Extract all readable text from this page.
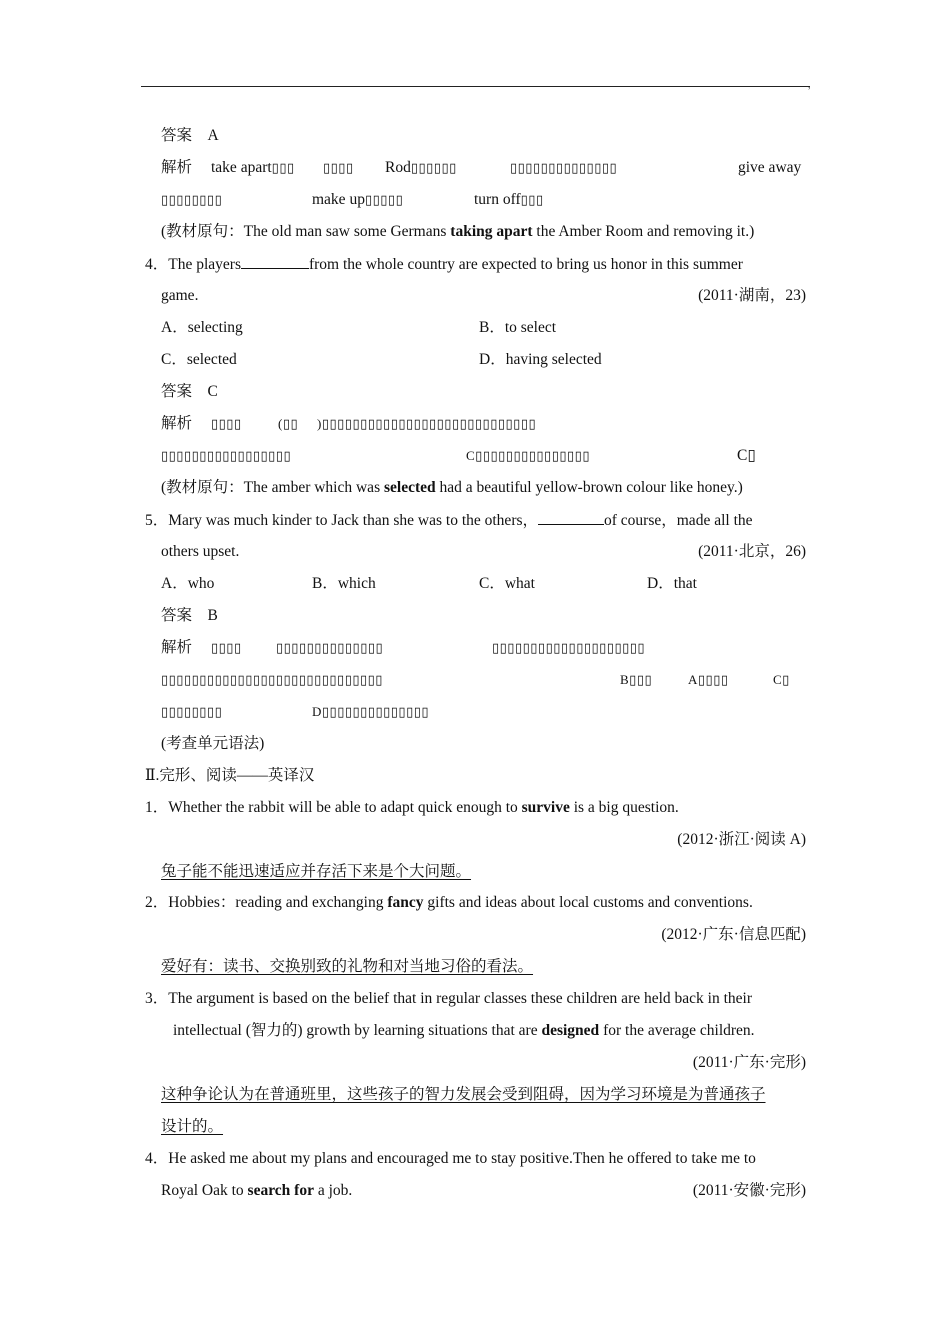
,
答案 A
解析 take apart▯▯▯ ▯▯▯▯ Rod▯▯▯▯▯▯	▯▯▯▯▯▯▯▯▯▯▯▯▯▯	give away
▯▯▯▯▯▯▯▯	make up▯▯▯▯▯	turn off▯▯▯
(教材原句：The old man saw some Germans taking apart the Amber Room and removing it.)
4．The players	from the whole country are expected to bring us honor in this summer
game.	(2011·湖南，23)
A．selecting	B．to select
C．selected	D．having selected
答案 C
解析 ▯▯▯▯	(▯▯ )▯▯▯▯▯▯▯▯▯▯▯▯▯▯▯▯▯▯▯▯▯▯▯▯▯▯▯▯
▯▯▯▯▯▯▯▯▯▯▯▯▯▯▯▯▯	C▯▯▯▯▯▯▯▯▯▯▯▯▯▯▯	C▯
(教材原句：The amber which was selected had a beautiful yellow-brown colour like honey.)
5．Mary was much kinder to Jack than she was to the others，	of course，made all the
others upset.	(2011·北京，26)
A．who	B．which	C．what	D．that
答案 B
解析 ▯▯▯▯	▯▯▯▯▯▯▯▯▯▯▯▯▯▯	▯▯▯▯▯▯▯▯▯▯▯▯▯▯▯▯▯▯▯▯
▯▯▯▯▯▯▯▯▯▯▯▯▯▯▯▯▯▯▯▯▯▯▯▯▯▯▯▯▯	B▯▯▯	A▯▯▯▯	C▯
▯▯▯▯▯▯▯▯	D▯▯▯▯▯▯▯▯▯▯▯▯▯▯
(考查单元语法)
Ⅱ.完形、阅读——英译汉
1．Whether the rabbit will be able to adapt quick enough to survive is a big question.
(2012·浙江·阅读 A)
兔子能不能迅速适应并存活下来是个大问题。
2．Hobbies：reading and exchanging fancy gifts and ideas about local customs and conventions.
(2012·广东·信息匹配)
爱好有：读书、交换别致的礼物和对当地习俗的看法。
3．The argument is based on the belief that in regular classes these children are held back in their
intellectual (智力的) growth by learning situations that are designed for the average children.
(2011·广东·完形)
这种争论认为在普通班里，这些孩子的智力发展会受到阻碍，因为学习环境是为普通孩子
设计的。
4．He asked me about my plans and encouraged me to stay positive.Then he offered to take me to
Royal Oak to search for a job.	(2011·安徽·完形)
